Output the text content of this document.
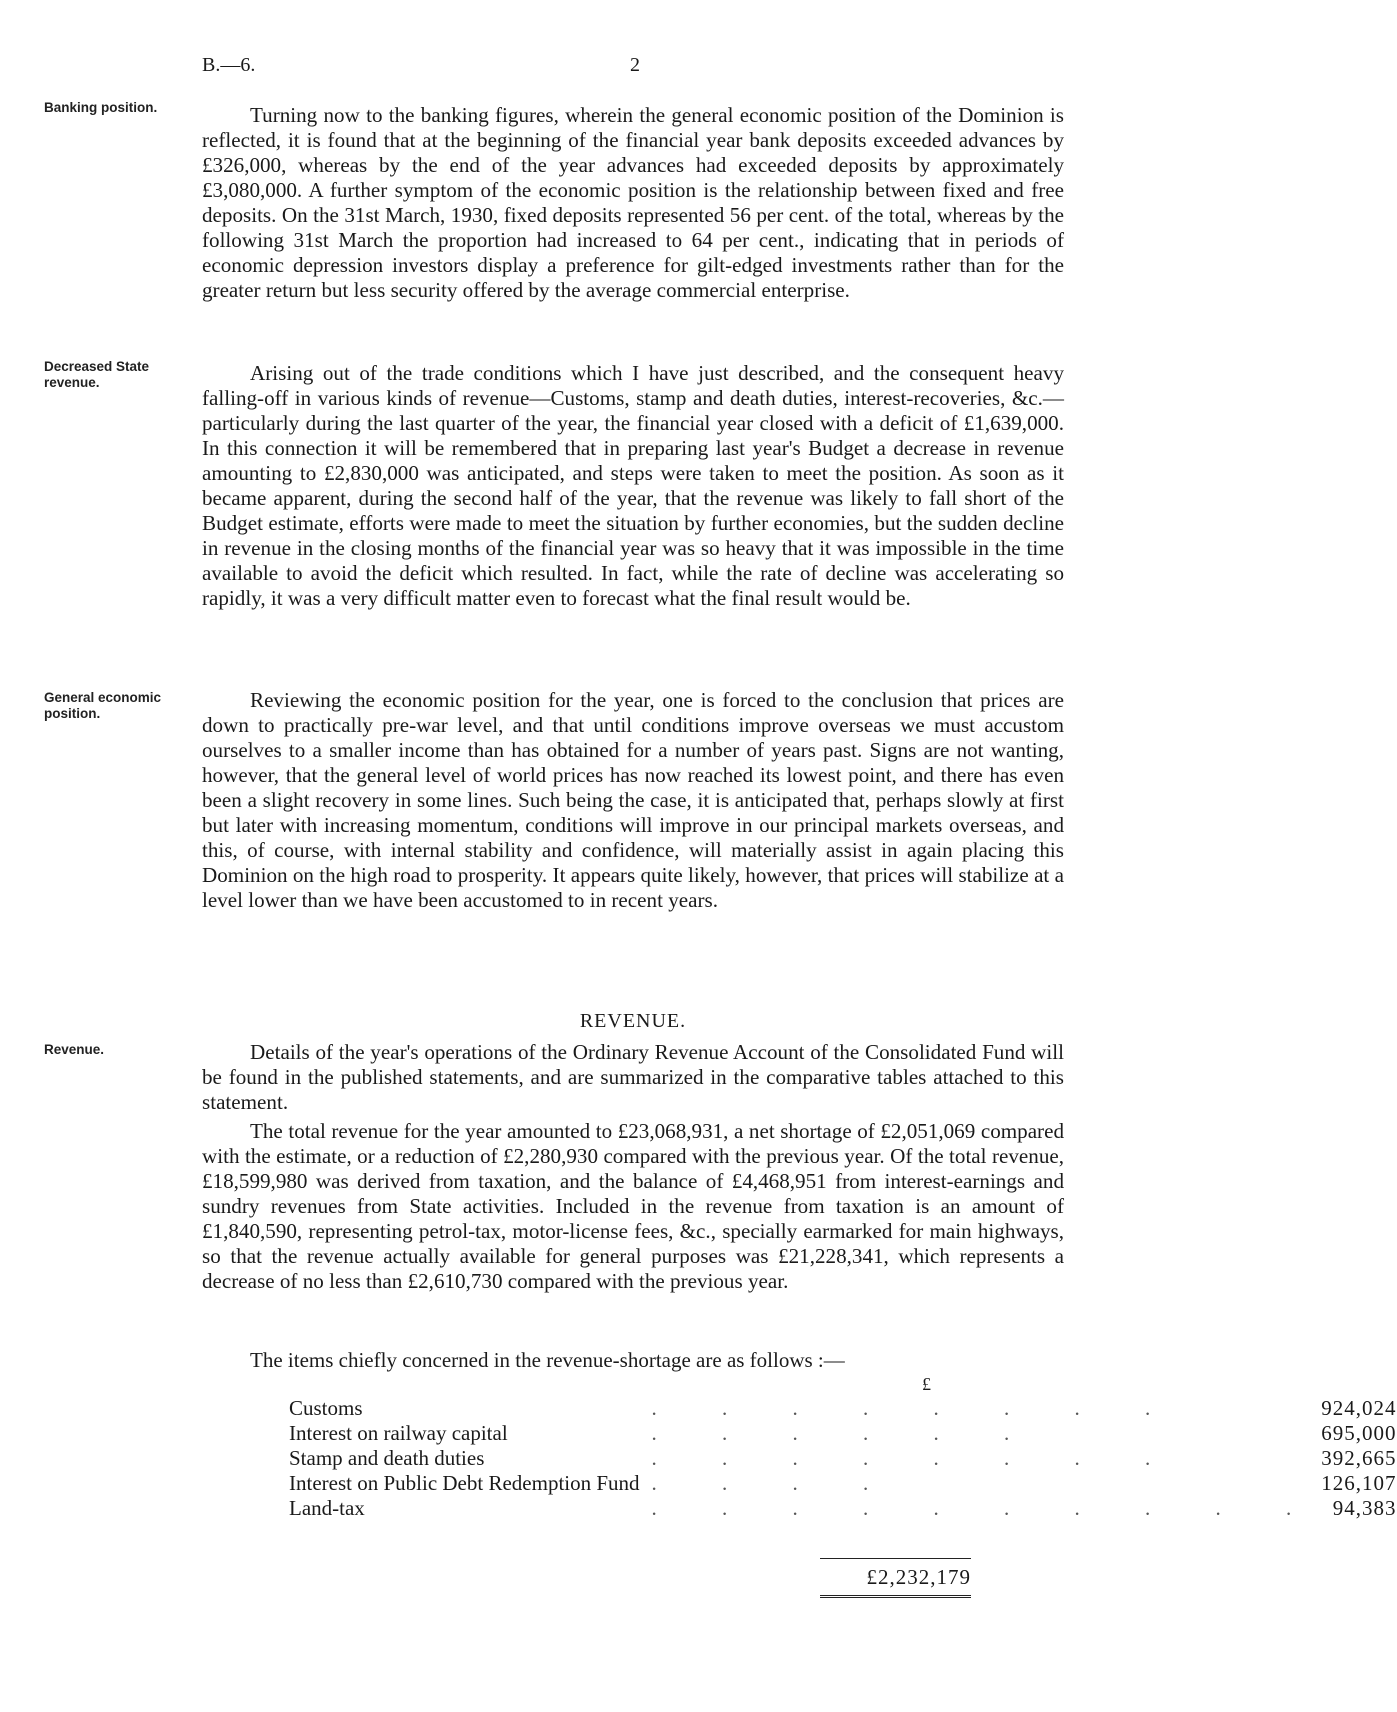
B.—6.	2
Banking position.
Decreased State revenue.
General economic position.
Revenue.

Turning now to the banking figures, wherein the general economic position of the Dominion is reflected, it is found that at the beginning of the financial year bank deposits exceeded advances by £326,000, whereas by the end of the year advances had exceeded deposits by approximately £3,080,000. A further symptom of the economic position is the relationship between fixed and free deposits. On the 31st March, 1930, fixed deposits represented 56 per cent. of the total, whereas by the following 31st March the proportion had increased to 64 per cent., indicating that in periods of economic depression investors display a preference for gilt-edged investments rather than for the greater return but less security offered by the average commercial enterprise.

Arising out of the trade conditions which I have just described, and the consequent heavy falling-off in various kinds of revenue—Customs, stamp and death duties, interest-recoveries, &c.—particularly during the last quarter of the year, the financial year closed with a deficit of £1,639,000. In this connection it will be remembered that in preparing last year's Budget a decrease in revenue amounting to £2,830,000 was anticipated, and steps were taken to meet the position. As soon as it became apparent, during the second half of the year, that the revenue was likely to fall short of the Budget estimate, efforts were made to meet the situation by further economies, but the sudden decline in revenue in the closing months of the financial year was so heavy that it was impossible in the time available to avoid the deficit which resulted. In fact, while the rate of decline was accelerating so rapidly, it was a very difficult matter even to forecast what the final result would be.

Reviewing the economic position for the year, one is forced to the conclusion that prices are down to practically pre-war level, and that until conditions improve overseas we must accustom ourselves to a smaller income than has obtained for a number of years past. Signs are not wanting, however, that the general level of world prices has now reached its lowest point, and there has even been a slight recovery in some lines. Such being the case, it is anticipated that, perhaps slowly at first but later with increasing momentum, conditions will improve in our principal markets overseas, and this, of course, with internal stability and confidence, will materially assist in again placing this Dominion on the high road to prosperity. It appears quite likely, however, that prices will stabilize at a level lower than we have been accustomed to in recent years.

REVENUE.

Details of the year's operations of the Ordinary Revenue Account of the Consolidated Fund will be found in the published statements, and are summarized in the comparative tables attached to this statement.

The total revenue for the year amounted to £23,068,931, a net shortage of £2,051,069 compared with the estimate, or a reduction of £2,280,930 compared with the previous year. Of the total revenue, £18,599,980 was derived from taxation, and the balance of £4,468,951 from interest-earnings and sundry revenues from State activities. Included in the revenue from taxation is an amount of £1,840,590, representing petrol-tax, motor-license fees, &c., specially earmarked for main highways, so that the revenue actually available for general purposes was £21,228,341, which represents a decrease of no less than £2,610,730 compared with the previous year.

The items chiefly concerned in the revenue-shortage are as follows :—
£
Customs	. . . . . . . .	924,024
Interest on railway capital	. . . . . .	695,000
Stamp and death duties	. . . . . . . .	392,665
Interest on Public Debt Redemption Fund	. . . .	126,107
Land-tax	. . . . . . . . . .	94,383
£2,232,179
